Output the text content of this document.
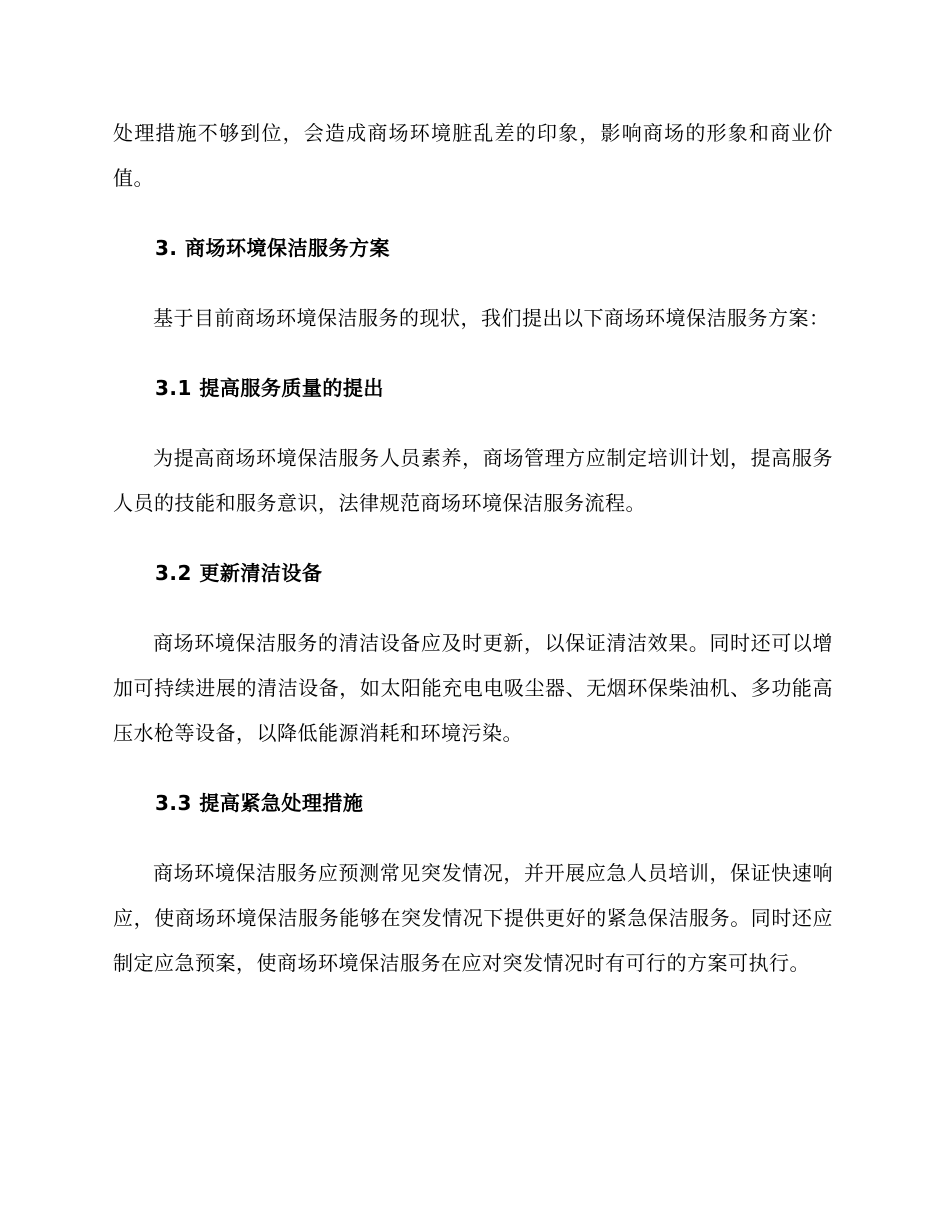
处理措施不够到位，会造成商场环境脏乱差的印象，影响商场的形象和商业价值。

3. 商场环境保洁服务方案

基于目前商场环境保洁服务的现状，我们提出以下商场环境保洁服务方案：

3.1 提高服务质量的提出

为提高商场环境保洁服务人员素养，商场管理方应制定培训计划，提高服务人员的技能和服务意识，法律规范商场环境保洁服务流程。

3.2 更新清洁设备

商场环境保洁服务的清洁设备应及时更新，以保证清洁效果。同时还可以增加可持续进展的清洁设备，如太阳能充电电吸尘器、无烟环保柴油机、多功能高压水枪等设备，以降低能源消耗和环境污染。

3.3 提高紧急处理措施

商场环境保洁服务应预测常见突发情况，并开展应急人员培训，保证快速响应，使商场环境保洁服务能够在突发情况下提供更好的紧急保洁服务。同时还应制定应急预案，使商场环境保洁服务在应对突发情况时有可行的方案可执行。
